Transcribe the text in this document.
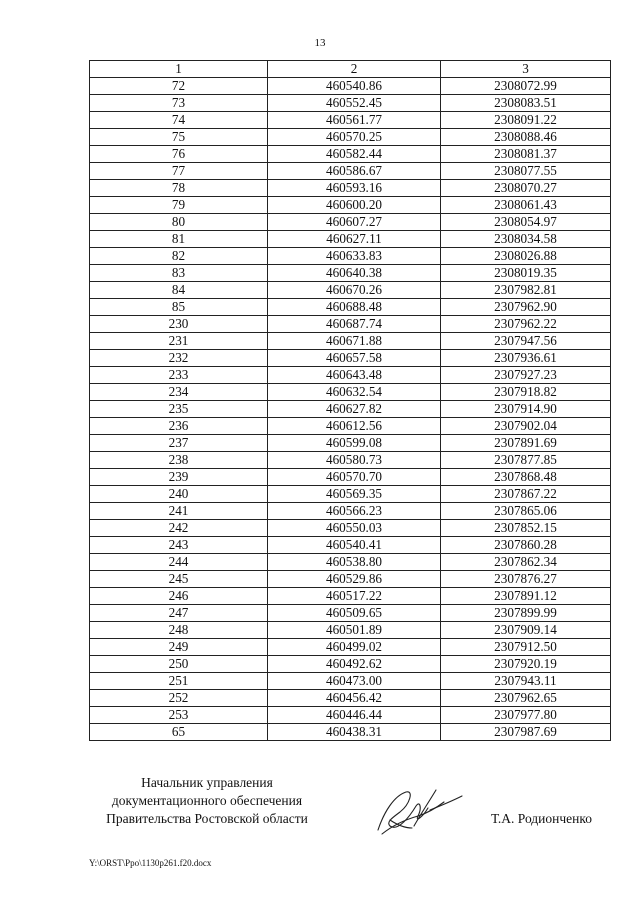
13
1	2	3
72	460540.86	2308072.99
73	460552.45	2308083.51
74	460561.77	2308091.22
75	460570.25	2308088.46
76	460582.44	2308081.37
77	460586.67	2308077.55
78	460593.16	2308070.27
79	460600.20	2308061.43
80	460607.27	2308054.97
81	460627.11	2308034.58
82	460633.83	2308026.88
83	460640.38	2308019.35
84	460670.26	2307982.81
85	460688.48	2307962.90
230	460687.74	2307962.22
231	460671.88	2307947.56
232	460657.58	2307936.61
233	460643.48	2307927.23
234	460632.54	2307918.82
235	460627.82	2307914.90
236	460612.56	2307902.04
237	460599.08	2307891.69
238	460580.73	2307877.85
239	460570.70	2307868.48
240	460569.35	2307867.22
241	460566.23	2307865.06
242	460550.03	2307852.15
243	460540.41	2307860.28
244	460538.80	2307862.34
245	460529.86	2307876.27
246	460517.22	2307891.12
247	460509.65	2307899.99
248	460501.89	2307909.14
249	460499.02	2307912.50
250	460492.62	2307920.19
251	460473.00	2307943.11
252	460456.42	2307962.65
253	460446.44	2307977.80
65	460438.31	2307987.69
Начальник управления
документационного обеспечения
Правительства Ростовской области	Т.А. Родионченко
Y:\ORST\Ppo\1130p261.f20.docx
